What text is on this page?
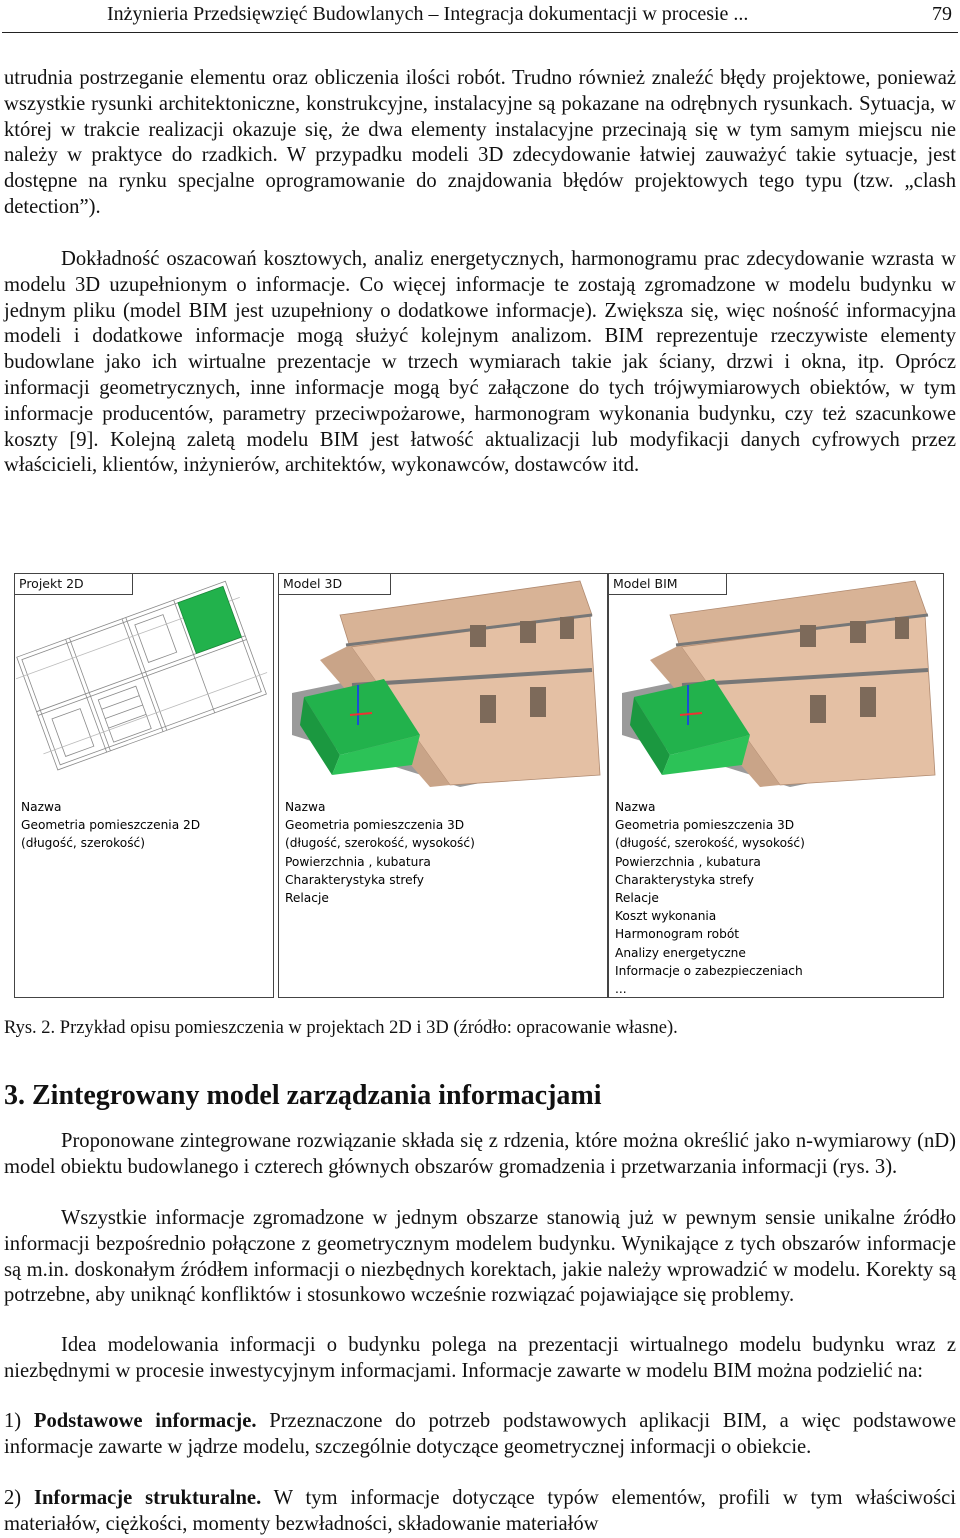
Inżynieria Przedsięwzięć Budowlanych – Integracja dokumentacji w procesie ...	79

utrudnia postrzeganie elementu oraz obliczenia ilości robót. Trudno również znaleźć błędy projektowe, ponieważ wszystkie rysunki architektoniczne, konstrukcyjne, instalacyjne są pokazane na odrębnych rysunkach. Sytuacja, w której w trakcie realizacji okazuje się, że dwa elementy instalacyjne przecinają się w tym samym miejscu nie należy w praktyce do rzadkich. W przypadku modeli 3D zdecydowanie łatwiej zauważyć takie sytuacje, jest dostępne na rynku specjalne oprogramowanie do znajdowania błędów projektowych tego typu (tzw. „clash detection”).

Dokładność oszacowań kosztowych, analiz energetycznych, harmonogramu prac zdecydowanie wzrasta w modelu 3D uzupełnionym o informacje. Co więcej informacje te zostają zgromadzone w modelu budynku w jednym pliku (model BIM jest uzupełniony o dodatkowe informacje). Zwiększa się, więc nośność informacyjna modeli i dodatkowe informacje mogą służyć kolejnym analizom. BIM reprezentuje rzeczywiste elementy budowlane jako ich wirtualne prezentacje w trzech wymiarach takie jak ściany, drzwi i okna, itp. Oprócz informacji geometrycznych, inne informacje mogą być załączone do tych trójwymiarowych obiektów, w tym informacje producentów, parametry przeciwpożarowe, harmonogram wykonania budynku, czy też szacunkowe koszty [9]. Kolejną zaletą modelu BIM jest łatwość aktualizacji lub modyfikacji danych cyfrowych przez właścicieli, klientów, inżynierów, architektów, wykonawców, dostawców itd.

Projekt 2D
Nazwa
Geometria pomieszczenia 2D
(długość, szerokość)
Model 3D
Nazwa
Geometria pomieszczenia 3D
(długość, szerokość, wysokość)
Powierzchnia , kubatura
Charakterystyka strefy
Relacje
Model BIM
Nazwa
Geometria pomieszczenia 3D
(długość, szerokość, wysokość)
Powierzchnia , kubatura
Charakterystyka strefy
Relacje
Koszt wykonania
Harmonogram robót
Analizy energetyczne
Informacje o zabezpieczeniach
...
Rys. 2. Przykład opisu pomieszczenia w projektach 2D i 3D (źródło: opracowanie własne).
3. Zintegrowany model zarządzania informacjami

Proponowane zintegrowane rozwiązanie składa się z rdzenia, które można określić jako n-wymiarowy (nD) model obiektu budowlanego i czterech głównych obszarów gromadzenia i przetwarzania informacji (rys. 3).

Wszystkie informacje zgromadzone w jednym obszarze stanowią już w pewnym sensie unikalne źródło informacji bezpośrednio połączone z geometrycznym modelem budynku. Wynikające z tych obszarów informacje są m.in. doskonałym źródłem informacji o niezbędnych korektach, jakie należy wprowadzić w modelu. Korekty są potrzebne, aby uniknąć konfliktów i stosunkowo wcześnie rozwiązać pojawiające się problemy.

Idea modelowania informacji o budynku polega na prezentacji wirtualnego modelu budynku wraz z niezbędnymi w procesie inwestycyjnym informacjami. Informacje zawarte w modelu BIM można podzielić na:

1) Podstawowe informacje. Przeznaczone do potrzeb podstawowych aplikacji BIM, a więc podstawowe informacje zawarte w jądrze modelu, szczególnie dotyczące geometrycznej informacji o obiekcie.

2) Informacje strukturalne. W tym informacje dotyczące typów elementów, profili w tym właściwości materiałów, ciężkości, momenty bezwładności, składowanie materiałów
